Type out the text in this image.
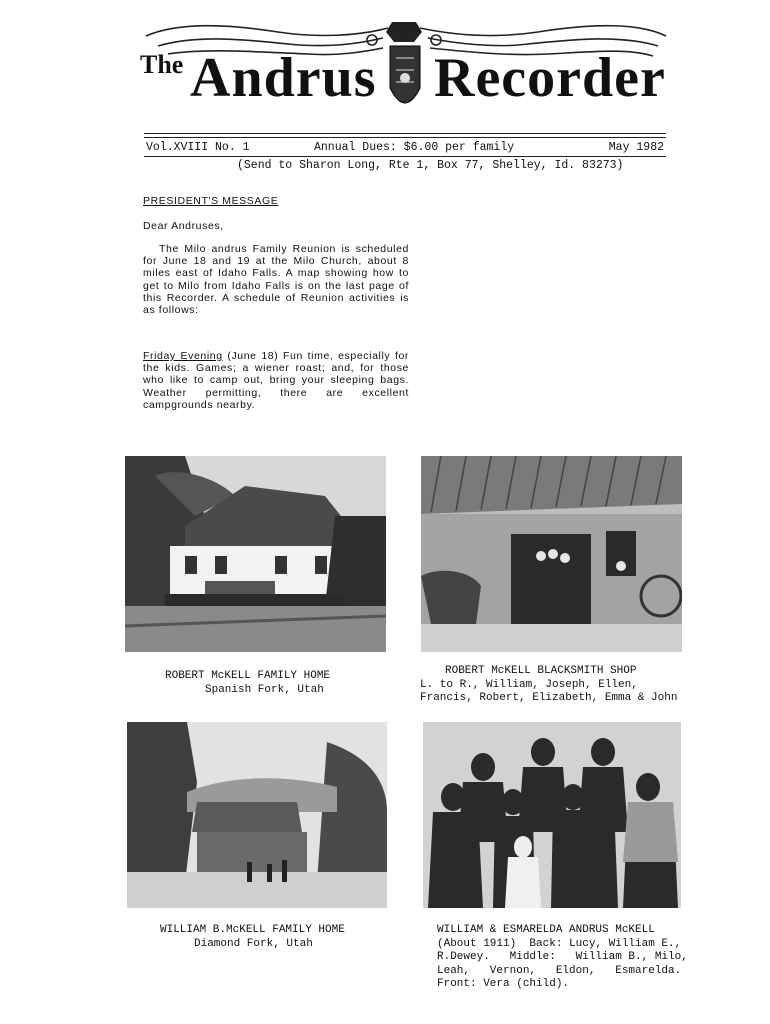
The Andrus Recorder
Vol.XVIII No. 1	Annual Dues: $6.00 per family	May 1982
(Send to Sharon Long, Rte 1, Box 77, Shelley, Id. 83273)
PRESIDENT'S MESSAGE
Dear Andruses,
The Milo andrus Family Reunion is scheduled for June 18 and 19 at the Milo Church, about 8 miles east of Idaho Falls. A map showing how to get to Milo from Idaho Falls is on the last page of this Recorder. A schedule of Reunion activities is as follows:
Friday Evening (June 18) Fun time, especially for the kids. Games; a wiener roast; and, for those who like to camp out, bring your sleeping bags. Weather permitting, there are excellent campgrounds nearby.
ROBERT McKELL FAMILY HOME
Spanish Fork, Utah
ROBERT McKELL BLACKSMITH SHOP
L. to R., William, Joseph, Ellen,
Francis, Robert, Elizabeth, Emma & John
WILLIAM B.McKELL FAMILY HOME
Diamond Fork, Utah
WILLIAM & ESMARELDA ANDRUS McKELL
(About 1911)  Back: Lucy, William E.,
R.Dewey.   Middle:   William B., Milo,
Leah,   Vernon,   Eldon,   Esmarelda.
Front: Vera (child).
